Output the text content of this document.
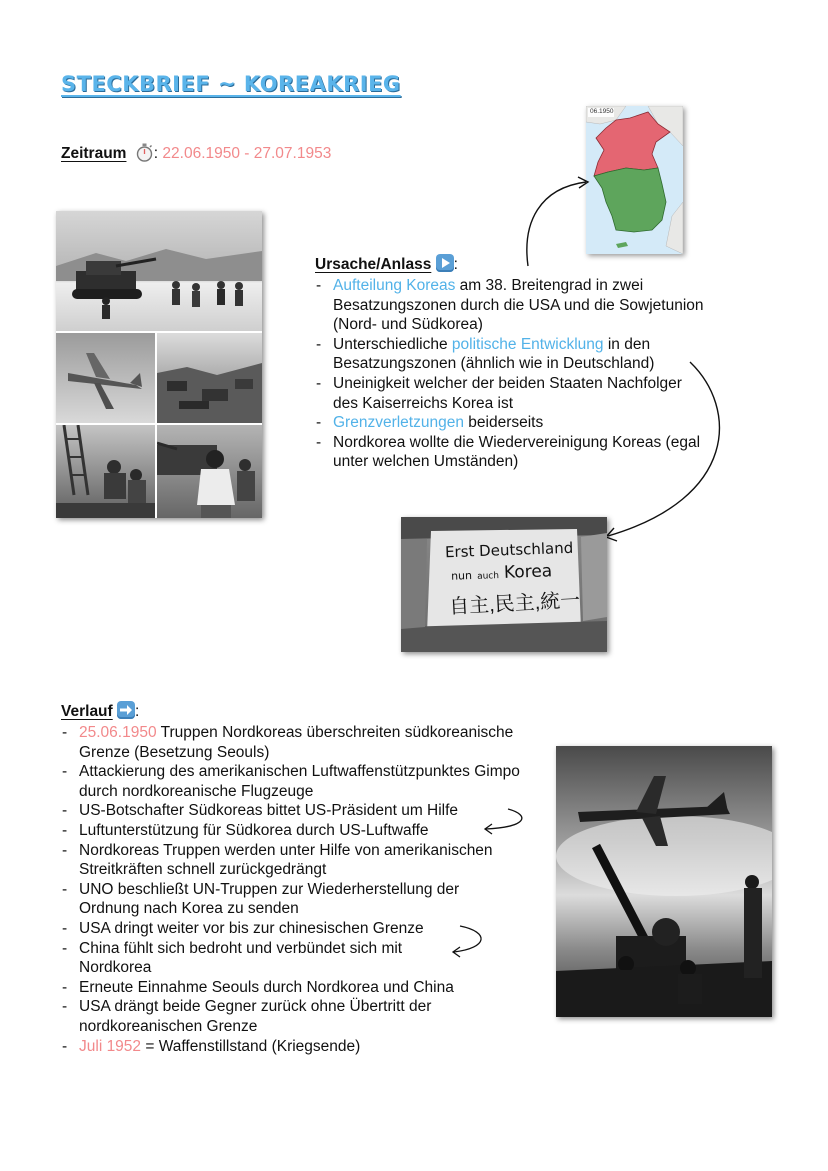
STECKBRIEF ~ KOREAKRIEG
Zeitraum : 22.06.1950 - 27.07.1953
06.1950
Ursache/Anlass :
- Aufteilung Koreas am 38. Breitengrad in zwei Besatzungszonen durch die USA und die Sowjetunion (Nord- und Südkorea)
- Unterschiedliche politische Entwicklung in den Besatzungszonen (ähnlich wie in Deutschland)
- Uneinigkeit welcher der beiden Staaten Nachfolger des Kaiserreichs Korea ist
- Grenzverletzungen beiderseits
- Nordkorea wollte die Wiedervereinigung Koreas (egal unter welchen Umständen)
Erst Deutschland
nun auch Korea
自主,民主,統一
Verlauf :
- 25.06.1950 Truppen Nordkoreas überschreiten südkoreanische Grenze (Besetzung Seouls)
- Attackierung des amerikanischen Luftwaffenstützpunktes Gimpo durch nordkoreanische Flugzeuge
- US-Botschafter Südkoreas bittet US-Präsident um Hilfe
- Luftunterstützung für Südkorea durch US-Luftwaffe
- Nordkoreas Truppen werden unter Hilfe von amerikanischen Streitkräften schnell zurückgedrängt
- UNO beschließt UN-Truppen zur Wiederherstellung der Ordnung nach Korea zu senden
- USA dringt weiter vor bis zur chinesischen Grenze
- China fühlt sich bedroht und verbündet sich mit Nordkorea
- Erneute Einnahme Seouls durch Nordkorea und China
- USA drängt beide Gegner zurück ohne Übertritt der nordkoreanischen Grenze
- Juli 1952 = Waffenstillstand (Kriegsende)
